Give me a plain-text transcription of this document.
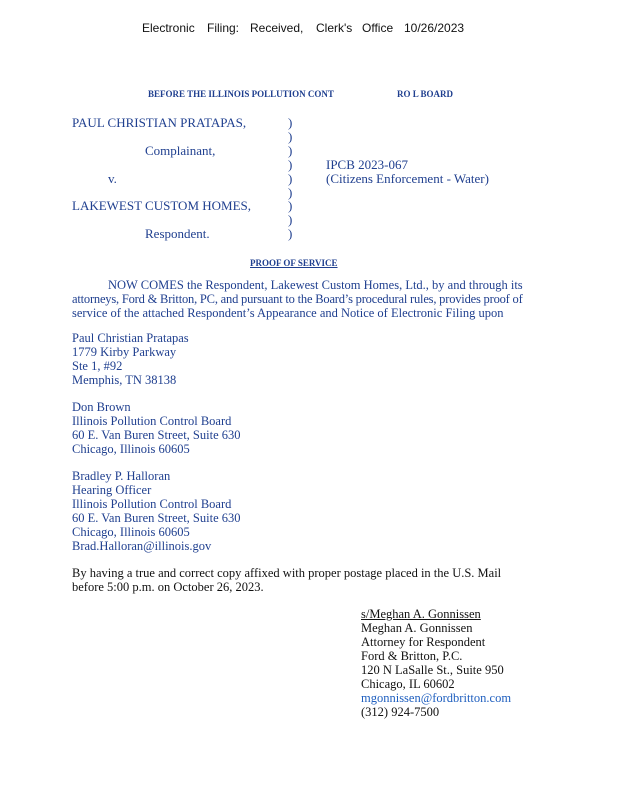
Electronic Filing: Received, Clerk's Office 10/26/2023
BEFORE THE ILLINOIS POLLUTION CONT	RO L BOARD
PAUL CHRISTIAN PRATAPAS,
Complainant,
v.
LAKEWEST CUSTOM HOMES,
Respondent.
)
)
)
)
)
)
)
)
)
IPCB 2023-067
(Citizens Enforcement - Water)
PROOF OF SERVICE
NOW COMES the Respondent, Lakewest Custom Homes, Ltd., by and through its
attorneys, Ford & Britton, PC, and pursuant to the Board’s procedural rules, provides proof of
service of the attached Respondent’s Appearance and Notice of Electronic Filing upon
Paul Christian Pratapas
1779 Kirby Parkway
Ste 1, #92
Memphis, TN 38138
Don Brown
Illinois Pollution Control Board
60 E. Van Buren Street, Suite 630
Chicago, Illinois 60605
Bradley P. Halloran
Hearing Officer
Illinois Pollution Control Board
60 E. Van Buren Street, Suite 630
Chicago, Illinois 60605
Brad.Halloran@illinois.gov
By having a true and correct copy affixed with proper postage placed in the U.S. Mail
before 5:00 p.m. on October 26, 2023.
s/Meghan A. Gonnissen
Meghan A. Gonnissen
Attorney for Respondent
Ford & Britton, P.C.
120 N LaSalle St., Suite 950
Chicago, IL 60602
mgonnissen@fordbritton.com
(312) 924-7500
